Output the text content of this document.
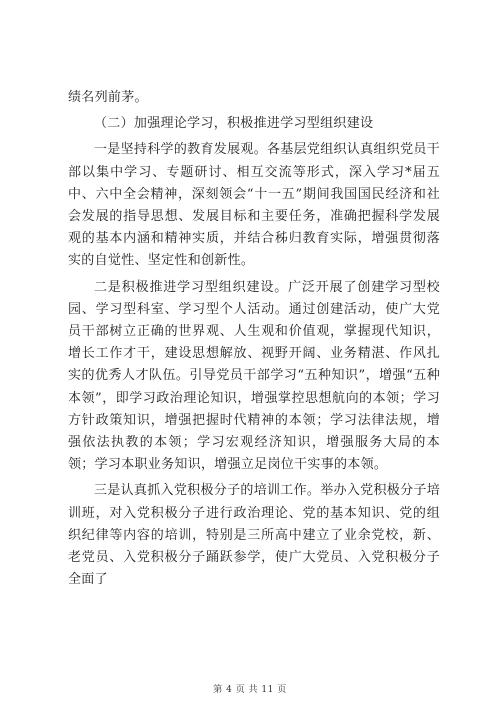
绩名列前茅。

（二）加强理论学习，积极推进学习型组织建设

一是坚持科学的教育发展观。各基层党组织认真组织党员干部以集中学习、专题研讨、相互交流等形式，深入学习*届五中、六中全会精神，深刻领会“十一五”期间我国国民经济和社会发展的指导思想、发展目标和主要任务，准确把握科学发展观的基本内涵和精神实质，并结合秭归教育实际，增强贯彻落实的自觉性、坚定性和创新性。

二是积极推进学习型组织建设。广泛开展了创建学习型校园、学习型科室、学习型个人活动。通过创建活动，使广大党员干部树立正确的世界观、人生观和价值观，掌握现代知识，增长工作才干，建设思想解放、视野开阔、业务精湛、作风扎实的优秀人才队伍。引导党员干部学习“五种知识”，增强“五种本领”，即学习政治理论知识，增强掌控思想航向的本领；学习方针政策知识，增强把握时代精神的本领；学习法律法规，增强依法执教的本领；学习宏观经济知识，增强服务大局的本领；学习本职业务知识，增强立足岗位干实事的本领。

三是认真抓入党积极分子的培训工作。举办入党积极分子培训班，对入党积极分子进行政治理论、党的基本知识、党的组织纪律等内容的培训，特别是三所高中建立了业余党校，新、老党员、入党积极分子踊跃参学，使广大党员、入党积极分子全面了

第 4 页 共 11 页
